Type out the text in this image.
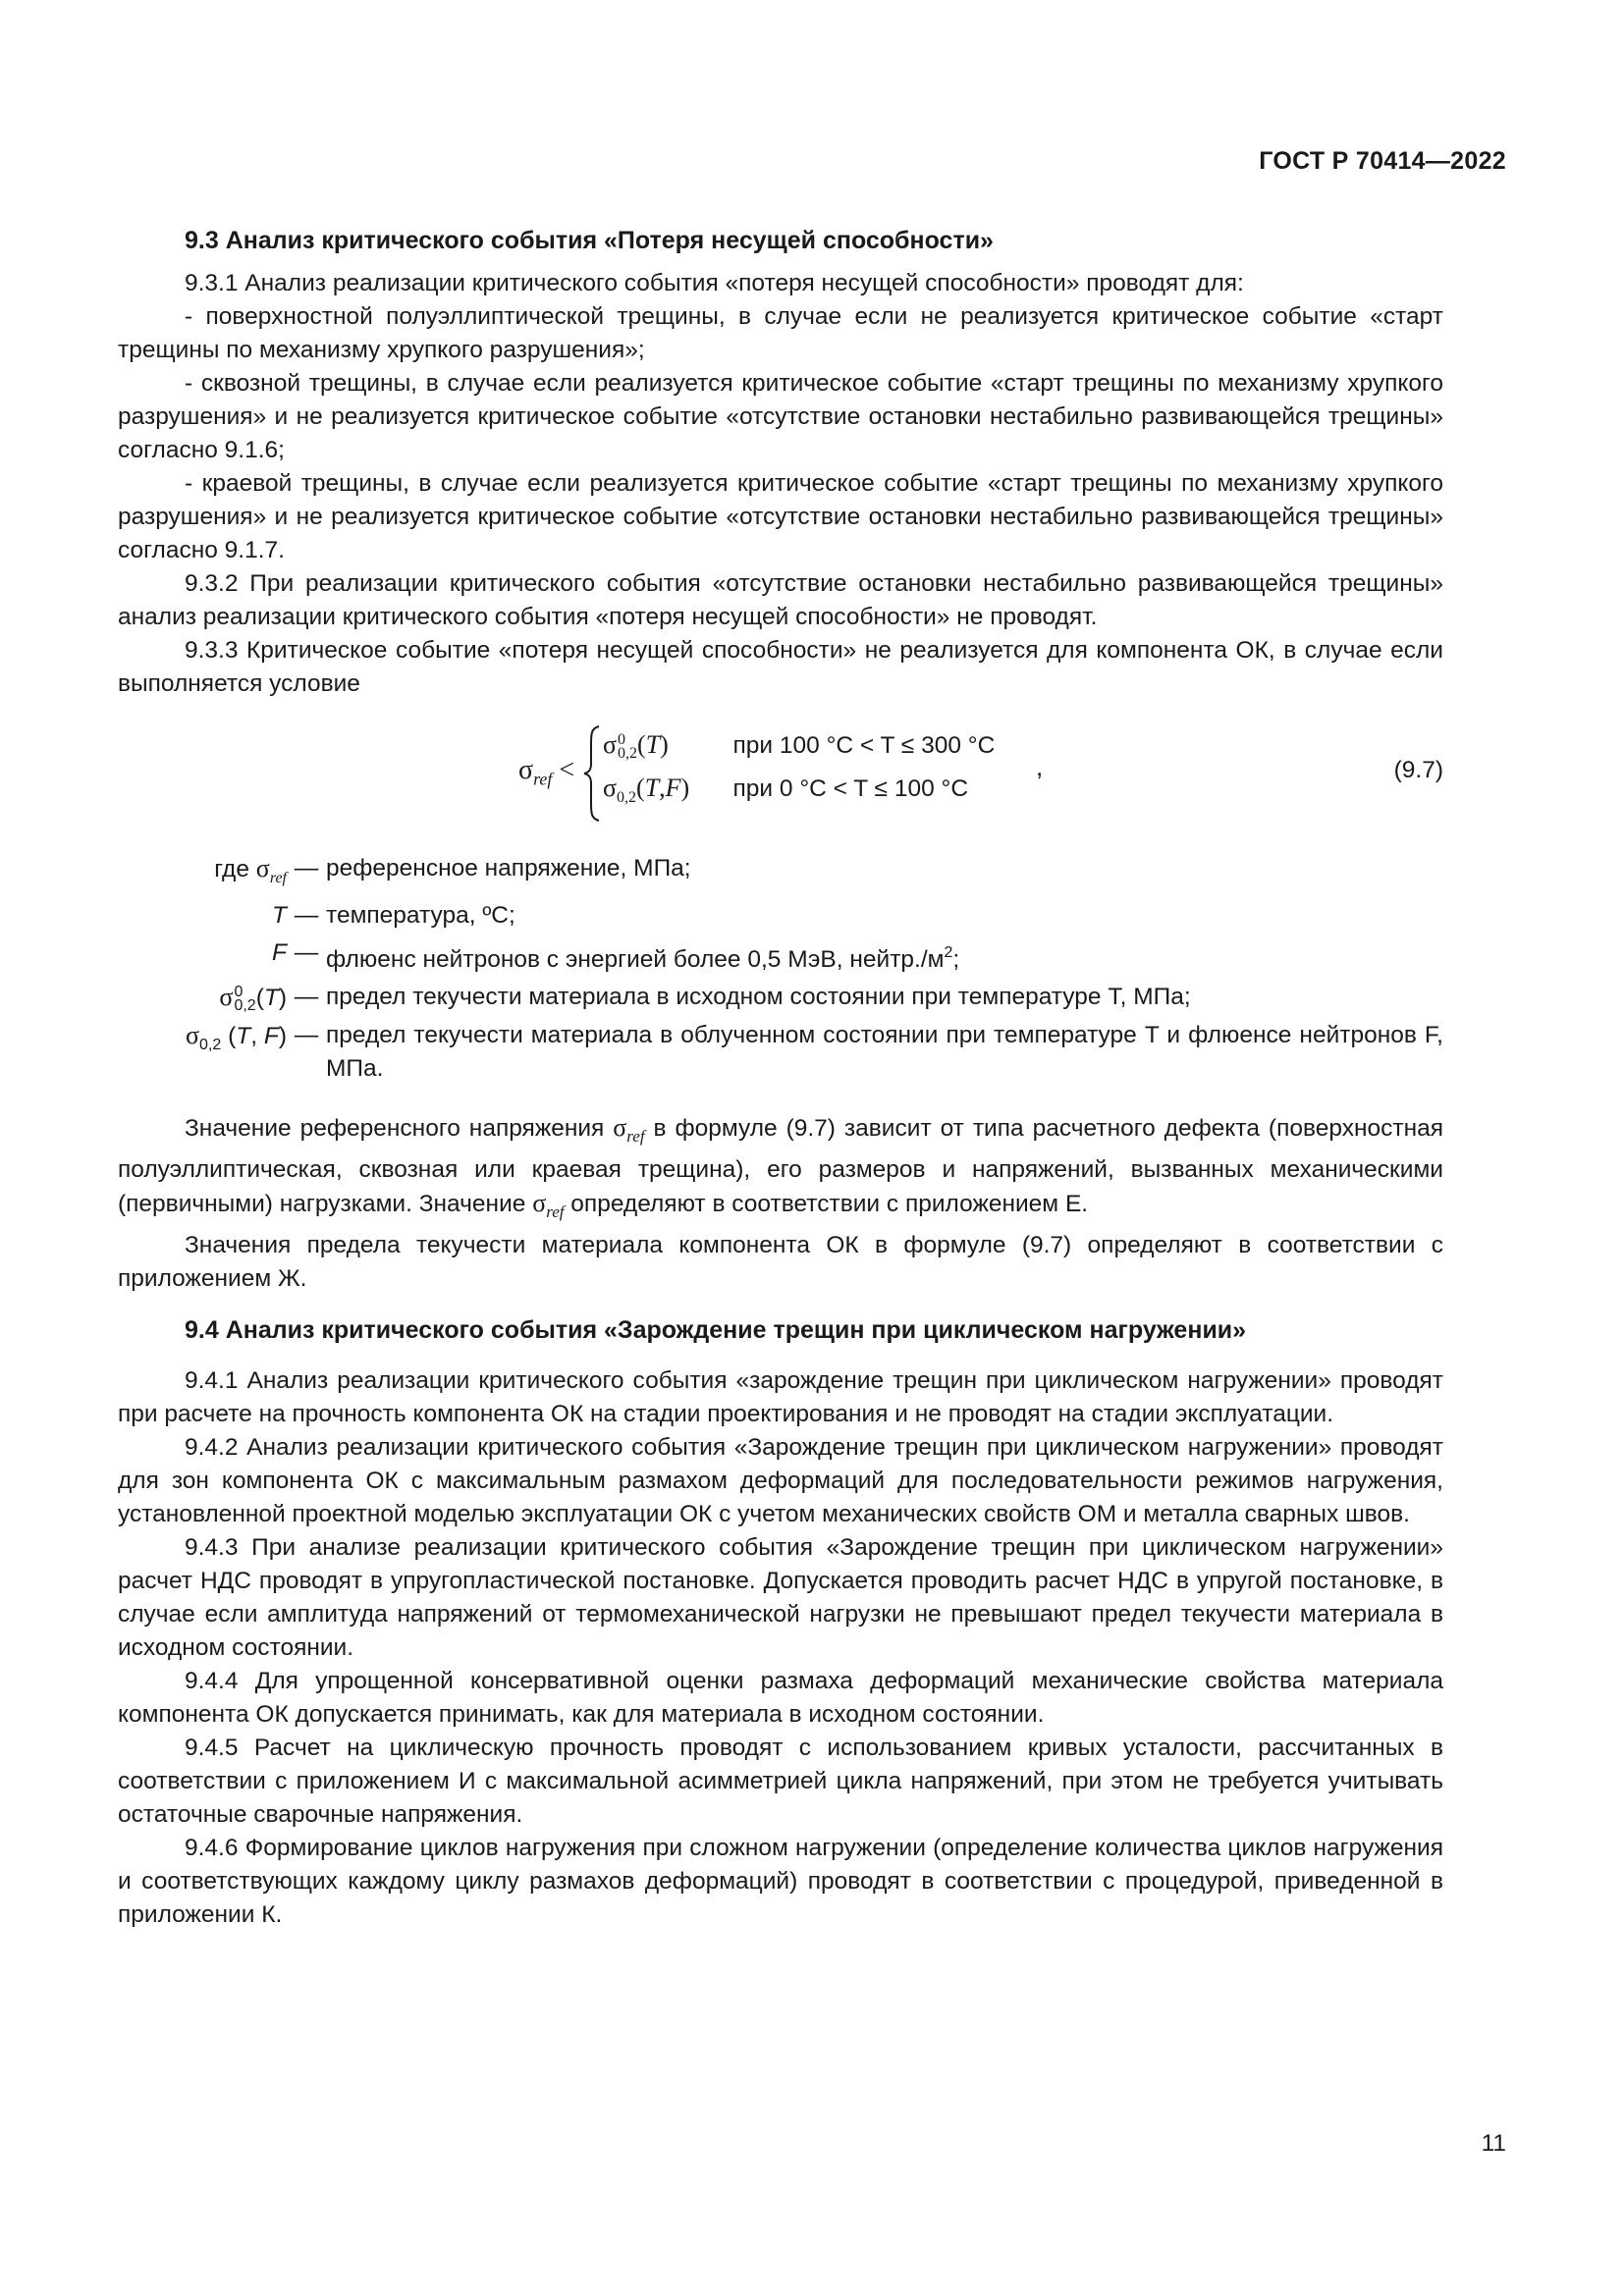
ГОСТ Р 70414—2022
9.3 Анализ критического события «Потеря несущей способности»

9.3.1 Анализ реализации критического события «потеря несущей способности» проводят для:

- поверхностной полуэллиптической трещины, в случае если не реализуется критическое событие «старт трещины по механизму хрупкого разрушения»;

- сквозной трещины, в случае если реализуется критическое событие «старт трещины по механизму хрупкого разрушения» и не реализуется критическое событие «отсутствие остановки нестабильно развивающейся трещины» согласно 9.1.6;

- краевой трещины, в случае если реализуется критическое событие «старт трещины по механизму хрупкого разрушения» и не реализуется критическое событие «отсутствие остановки нестабильно развивающейся трещины» согласно 9.1.7.

9.3.2 При реализации критического события «отсутствие остановки нестабильно развивающейся трещины» анализ реализации критического события «потеря несущей способности» не проводят.

9.3.3 Критическое событие «потеря несущей способности» не реализуется для компонента ОК, в случае если выполняется условие

$\sigma_{ref}$ <
σ 0
0,2 (T)	при 100 °C < T ≤ 300 °C
$\sigma_{0,2}(T,F)$ при 0 °C < T ≤ 100 °C
,	(9.7)
где $\sigma_{ref}$ — референсное напряжение, МПа;
T — температура, ºС;
F — флюенс нейтронов с энергией более 0,5 МэВ, $нейтр./м^2$;
σ 0
0,2 (T) — предел текучести материала в исходном состоянии при температуре T, МПа;
$\sigma_{0,2}$ (T, F) — предел текучести материала в облученном состоянии при температуре T и флюенсе нейтронов F, МПа.

Значение референсного напряжения $\sigma_{ref}$ в формуле (9.7) зависит от типа расчетного дефекта (поверхностная полуэллиптическая, сквозная или краевая трещина), его размеров и напряжений, вызванных механическими (первичными) нагрузками. Значение $\sigma_{ref}$ определяют в соответствии с приложением Е.

Значения предела текучести материала компонента ОК в формуле (9.7) определяют в соответствии с приложением Ж.

9.4 Анализ критического события «Зарождение трещин при циклическом нагружении»

9.4.1 Анализ реализации критического события «зарождение трещин при циклическом нагружении» проводят при расчете на прочность компонента ОК на стадии проектирования и не проводят на стадии эксплуатации.

9.4.2 Анализ реализации критического события «Зарождение трещин при циклическом нагружении» проводят для зон компонента ОК с максимальным размахом деформаций для последовательности режимов нагружения, установленной проектной моделью эксплуатации ОК с учетом механических свойств ОМ и металла сварных швов.

9.4.3 При анализе реализации критического события «Зарождение трещин при циклическом нагружении» расчет НДС проводят в упругопластической постановке. Допускается проводить расчет НДС в упругой постановке, в случае если амплитуда напряжений от термомеханической нагрузки не превышают предел текучести материала в исходном состоянии.

9.4.4 Для упрощенной консервативной оценки размаха деформаций механические свойства материала компонента ОК допускается принимать, как для материала в исходном состоянии.

9.4.5 Расчет на циклическую прочность проводят с использованием кривых усталости, рассчитанных в соответствии с приложением И с максимальной асимметрией цикла напряжений, при этом не требуется учитывать остаточные сварочные напряжения.

9.4.6 Формирование циклов нагружения при сложном нагружении (определение количества циклов нагружения и соответствующих каждому циклу размахов деформаций) проводят в соответствии с процедурой, приведенной в приложении К.

11
